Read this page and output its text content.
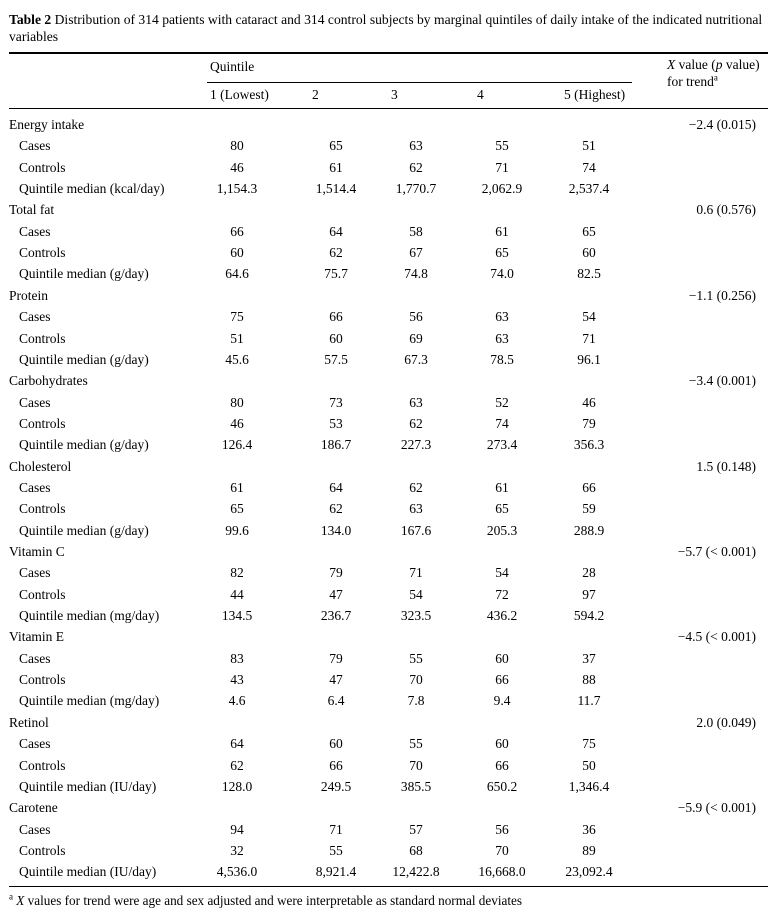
Table 2 Distribution of 314 patients with cataract and 314 control subjects by marginal quintiles of daily intake of the indicated nutritional variables
Quintile
1 (Lowest)	2	3	4	5 (Highest)
X value (p value)
for trend$^a$
Energy intake	−2.4 (0.015)
Cases	80	65	63	55	51
Controls	46	61	62	71	74
Quintile median (kcal/day)	1,154.3	1,514.4	1,770.7	2,062.9	2,537.4
Total fat	0.6 (0.576)
Cases	66	64	58	61	65
Controls	60	62	67	65	60
Quintile median (g/day)	64.6	75.7	74.8	74.0	82.5
Protein	−1.1 (0.256)
Cases	75	66	56	63	54
Controls	51	60	69	63	71
Quintile median (g/day)	45.6	57.5	67.3	78.5	96.1
Carbohydrates	−3.4 (0.001)
Cases	80	73	63	52	46
Controls	46	53	62	74	79
Quintile median (g/day)	126.4	186.7	227.3	273.4	356.3
Cholesterol	1.5 (0.148)
Cases	61	64	62	61	66
Controls	65	62	63	65	59
Quintile median (g/day)	99.6	134.0	167.6	205.3	288.9
Vitamin C	−5.7 (< 0.001)
Cases	82	79	71	54	28
Controls	44	47	54	72	97
Quintile median (mg/day)	134.5	236.7	323.5	436.2	594.2
Vitamin E	−4.5 (< 0.001)
Cases	83	79	55	60	37
Controls	43	47	70	66	88
Quintile median (mg/day)	4.6	6.4	7.8	9.4	11.7
Retinol	2.0 (0.049)
Cases	64	60	55	60	75
Controls	62	66	70	66	50
Quintile median (IU/day)	128.0	249.5	385.5	650.2	1,346.4
Carotene	−5.9 (< 0.001)
Cases	94	71	57	56	36
Controls	32	55	68	70	89
Quintile median (IU/day)	4,536.0	8,921.4	12,422.8	16,668.0	23,092.4
$^a$ X values for trend were age and sex adjusted and were interpretable as standard normal deviates
